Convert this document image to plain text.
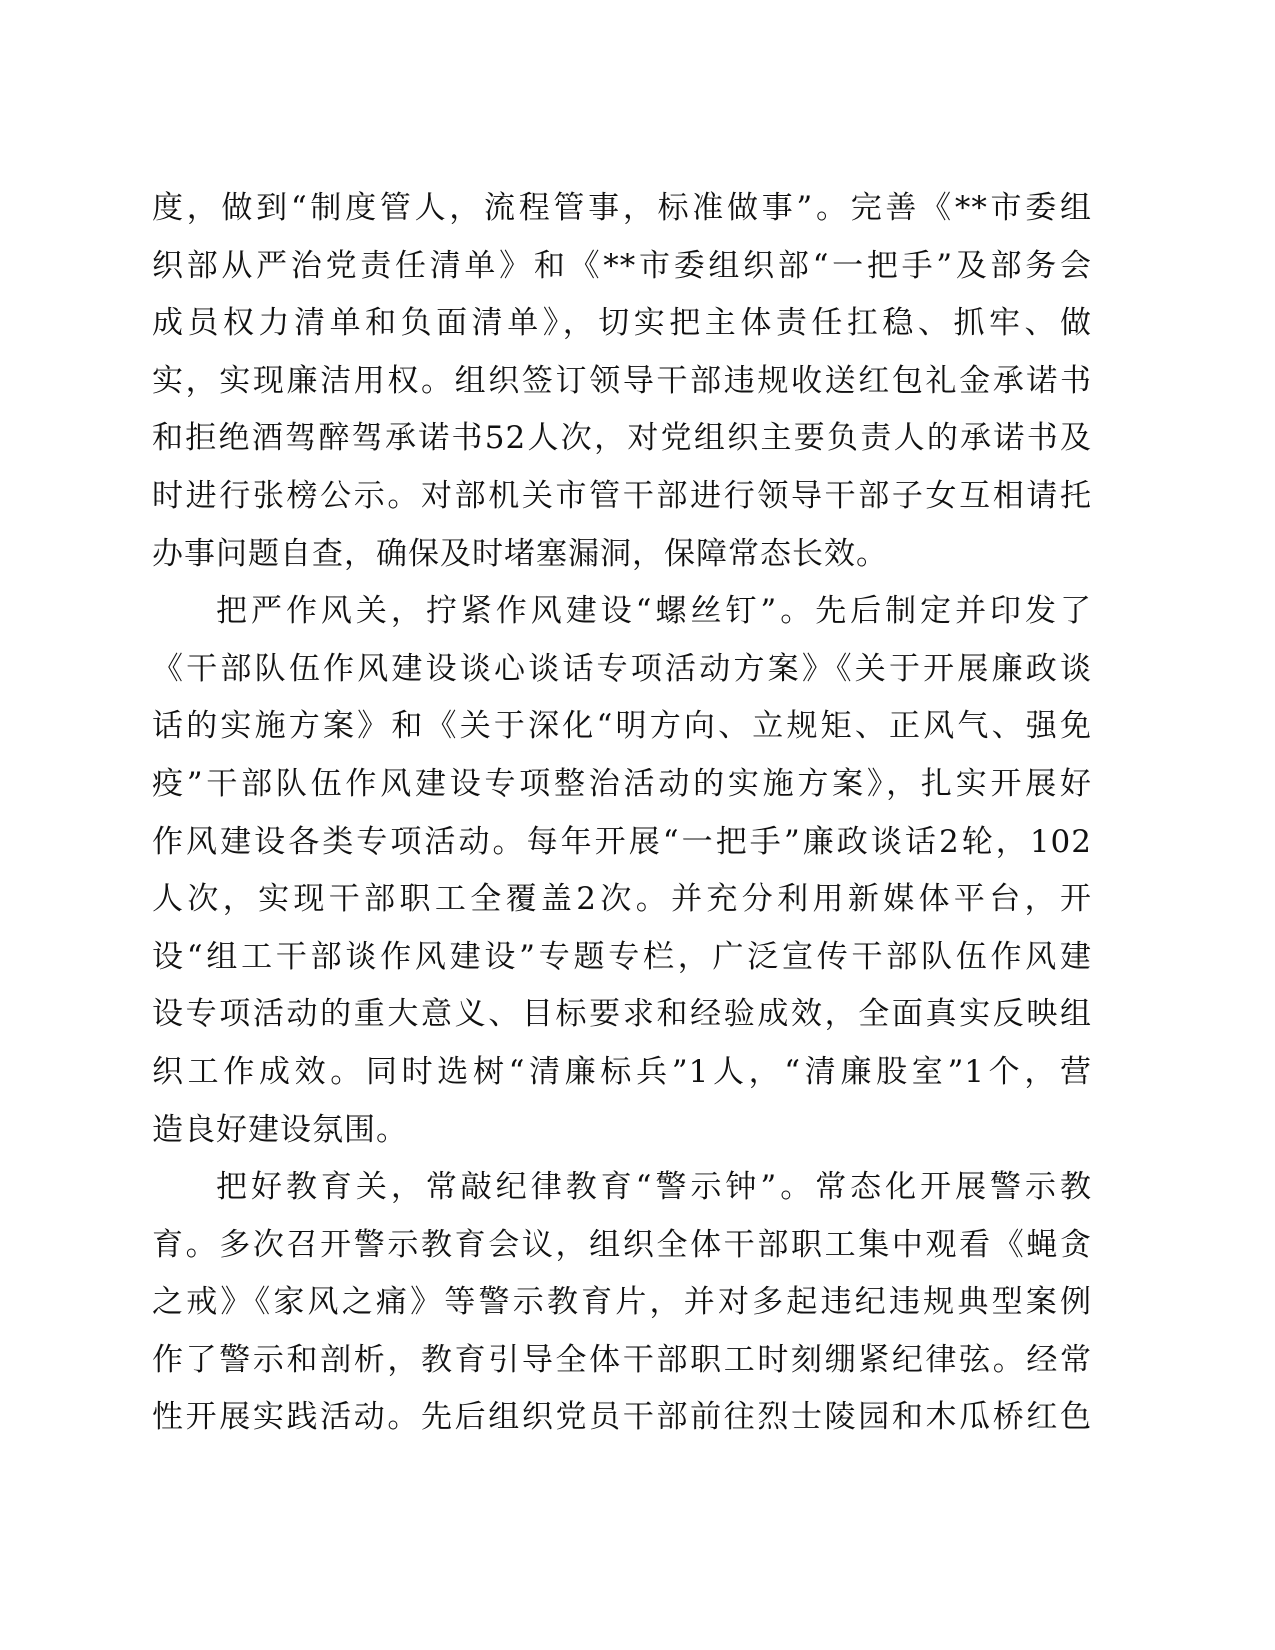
度，做到“制度管人，流程管事，标准做事”。完善《**市委组
织部从严治党责任清单》和《**市委组织部“一把手”及部务会
成员权力清单和负面清单》，切实把主体责任扛稳、抓牢、做
实，实现廉洁用权。组织签订领导干部违规收送红包礼金承诺书
和拒绝酒驾醉驾承诺书52人次，对党组织主要负责人的承诺书及
时进行张榜公示。对部机关市管干部进行领导干部子女互相请托
办事问题自查，确保及时堵塞漏洞，保障常态长效。
把严作风关，拧紧作风建设“螺丝钉”。先后制定并印发了
《干部队伍作风建设谈心谈话专项活动方案》《关于开展廉政谈
话的实施方案》和《关于深化“明方向、立规矩、正风气、强免
疫”干部队伍作风建设专项整治活动的实施方案》，扎实开展好
作风建设各类专项活动。每年开展“一把手”廉政谈话2轮，102
人次，实现干部职工全覆盖2次。并充分利用新媒体平台，开
设“组工干部谈作风建设”专题专栏，广泛宣传干部队伍作风建
设专项活动的重大意义、目标要求和经验成效，全面真实反映组
织工作成效。同时选树“清廉标兵”1人，“清廉股室”1个，营
造良好建设氛围。
把好教育关，常敲纪律教育“警示钟”。常态化开展警示教
育。多次召开警示教育会议，组织全体干部职工集中观看《蝇贪
之戒》《家风之痛》等警示教育片，并对多起违纪违规典型案例
作了警示和剖析，教育引导全体干部职工时刻绷紧纪律弦。经常
性开展实践活动。先后组织党员干部前往烈士陵园和木瓜桥红色
